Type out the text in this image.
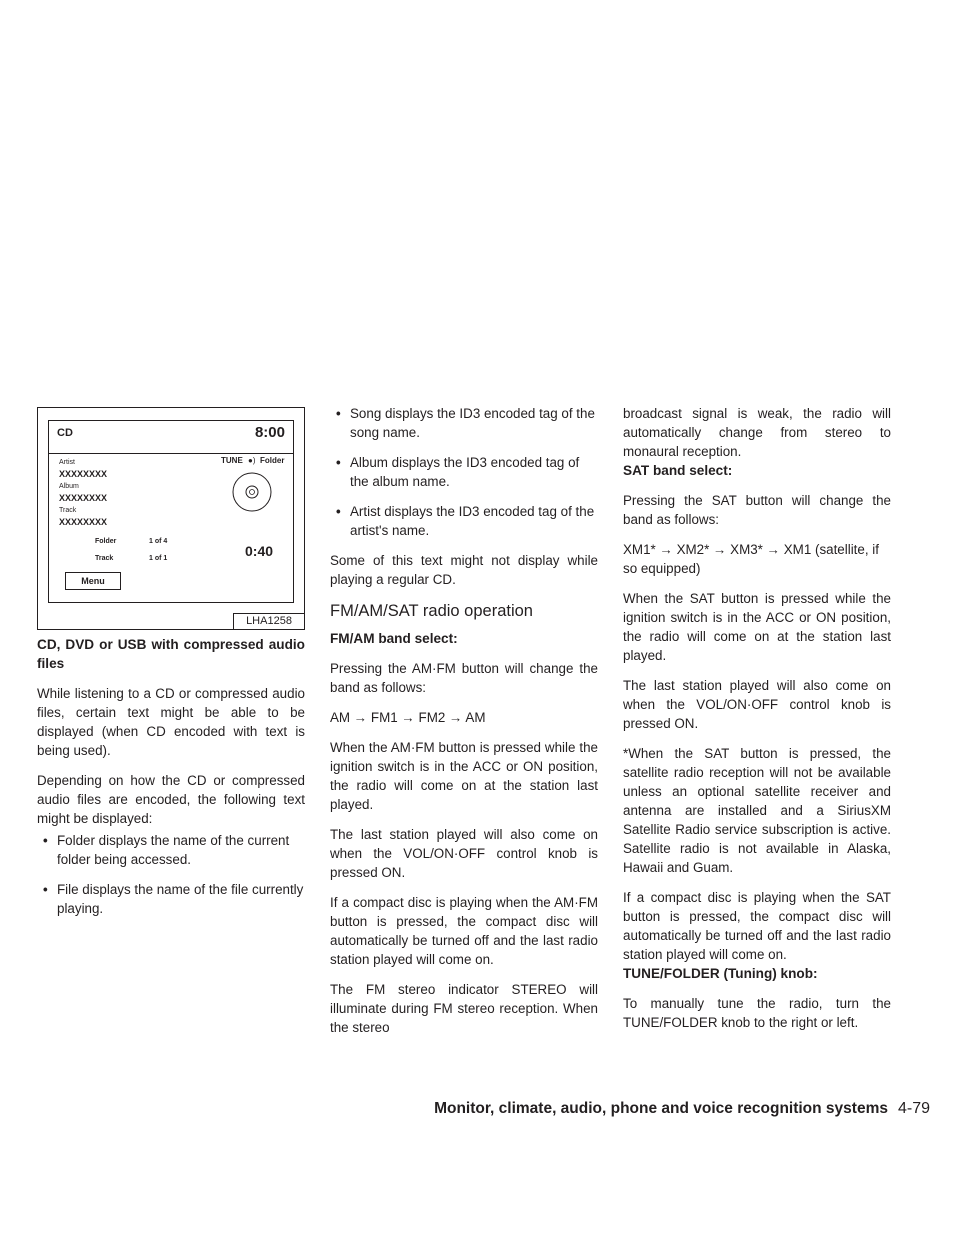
CD	8:00
Artist
XXXXXXXX
Album
XXXXXXXX
Track
XXXXXXXX
TUNE ●) Folder
Folder	1 of 4
Track	1 of 1	0:40
Menu
LHA1258

CD, DVD or USB with compressed audio files

While listening to a CD or compressed audio files, certain text might be able to be displayed (when CD encoded with text is being used).

Depending on how the CD or compressed audio files are encoded, the following text might be displayed:

• Folder displays the name of the current folder being accessed.

• File displays the name of the file currently playing.

• Song displays the ID3 encoded tag of the song name.

• Album displays the ID3 encoded tag of the album name.

• Artist displays the ID3 encoded tag of the artist's name.

Some of this text might not display while playing a regular CD.

FM/AM/SAT radio operation

FM/AM band select:

Pressing the AM·FM button will change the band as follows:

AM → FM1 → FM2 → AM

When the AM·FM button is pressed while the ignition switch is in the ACC or ON position, the radio will come on at the station last played.

The last station played will also come on when the VOL/ON·OFF control knob is pressed ON.

If a compact disc is playing when the AM·FM button is pressed, the compact disc will automatically be turned off and the last radio station played will come on.

The FM stereo indicator STEREO will illuminate during FM stereo reception. When the stereo

broadcast signal is weak, the radio will automatically change from stereo to monaural reception.

SAT band select:

Pressing the SAT button will change the band as follows:

XM1* → XM2* → XM3* → XM1 (satellite, if so equipped)

When the SAT button is pressed while the ignition switch is in the ACC or ON position, the radio will come on at the station last played.

The last station played will also come on when the VOL/ON·OFF control knob is pressed ON.

*When the SAT button is pressed, the satellite radio reception will not be available unless an optional satellite receiver and antenna are installed and a SiriusXM Satellite Radio service subscription is active. Satellite radio is not available in Alaska, Hawaii and Guam.

If a compact disc is playing when the SAT button is pressed, the compact disc will automatically be turned off and the last radio station played will come on.

TUNE/FOLDER (Tuning) knob:

To manually tune the radio, turn the TUNE/FOLDER knob to the right or left.

Monitor, climate, audio, phone and voice recognition systems 4-79
